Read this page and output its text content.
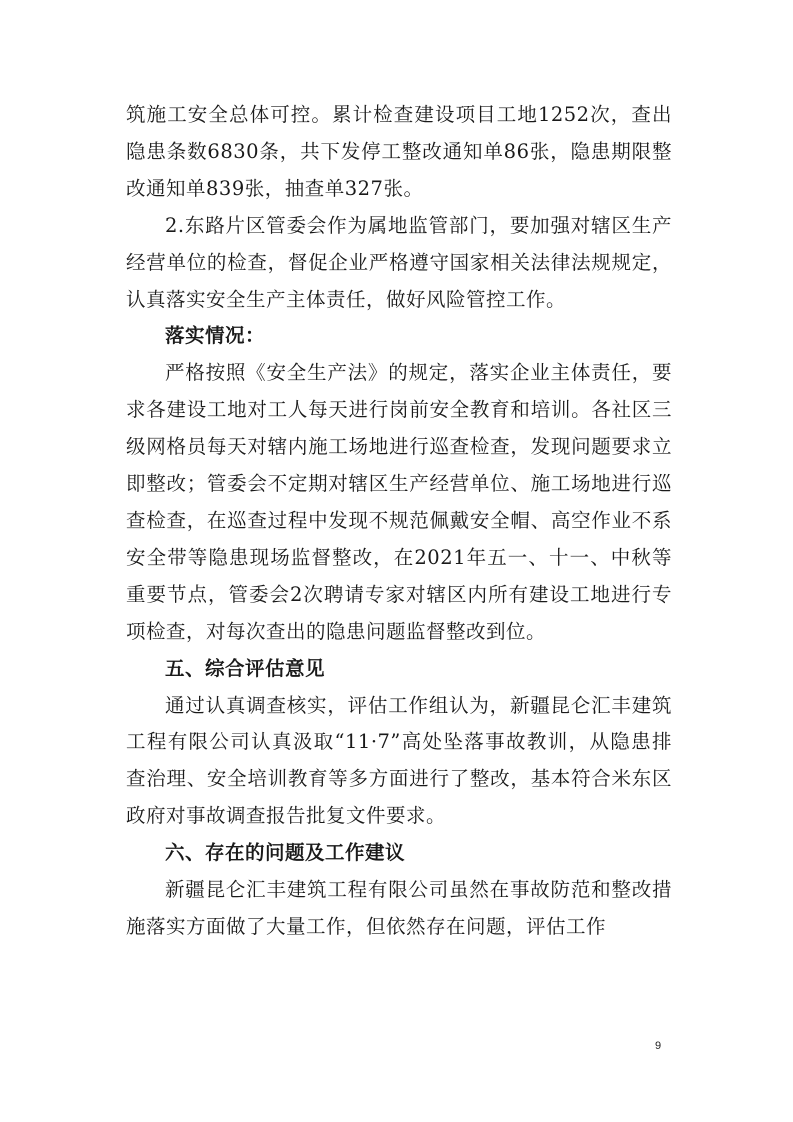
筑施工安全总体可控。累计检查建设项目工地1252次，查出隐患条数6830条，共下发停工整改通知单86张，隐患期限整改通知单839张，抽查单327张。

2.东路片区管委会作为属地监管部门，要加强对辖区生产经营单位的检查，督促企业严格遵守国家相关法律法规规定，认真落实安全生产主体责任，做好风险管控工作。

落实情况：

严格按照《安全生产法》的规定，落实企业主体责任，要求各建设工地对工人每天进行岗前安全教育和培训。各社区三级网格员每天对辖内施工场地进行巡查检查，发现问题要求立即整改；管委会不定期对辖区生产经营单位、施工场地进行巡查检查，在巡查过程中发现不规范佩戴安全帽、高空作业不系安全带等隐患现场监督整改，在2021年五一、十一、中秋等重要节点，管委会2次聘请专家对辖区内所有建设工地进行专项检查，对每次查出的隐患问题监督整改到位。

五、综合评估意见

通过认真调查核实，评估工作组认为，新疆昆仑汇丰建筑工程有限公司认真汲取“11·7”高处坠落事故教训，从隐患排查治理、安全培训教育等多方面进行了整改，基本符合米东区政府对事故调查报告批复文件要求。

六、存在的问题及工作建议

新疆昆仑汇丰建筑工程有限公司虽然在事故防范和整改措施落实方面做了大量工作，但依然存在问题，评估工作

9
